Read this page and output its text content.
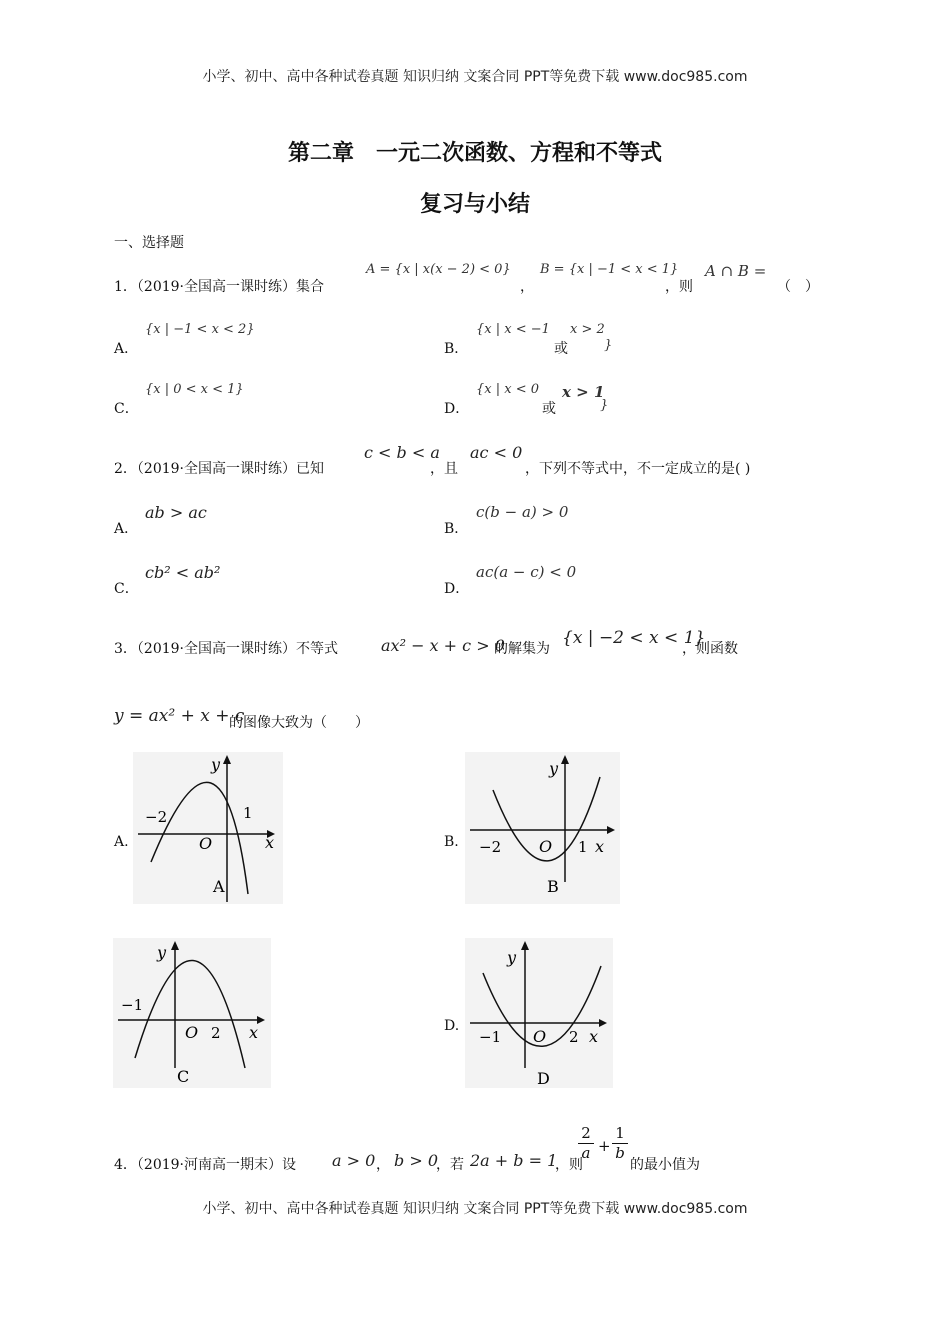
小学、初中、高中各种试卷真题 知识归纳 文案合同 PPT等免费下载 www.doc985.com
第二章　一元二次函数、方程和不等式
复习与小结
一、选择题
1．（2019·全国高一课时练）集合
A = {x | x(x − 2) < 0}
，
B = {x | −1 < x < 1}
，则
A ∩ B =
（　）
A．
{x | −1 < x < 2}
B．
{x | x < −1
或
x > 2
}
C．
{x | 0 < x < 1}
D．
{x | x < 0
或
x > 1
}
2．（2019·全国高一课时练）已知
c < b < a
，且
ac < 0
，下列不等式中，不一定成立的是( )
A．
ab > ac
B．
c(b − a) > 0
C．
cb² < ab²
D．
ac(a − c) < 0
3．（2019·全国高一课时练）不等式	ax² − x + c > 0
的解集为
{x | −2 < x < 1}
，则函数
y = ax² + x + c
的图像大致为（　　）
A.	B.
D.
y
x
O
−2	1
A
y
x
O
−2	1
B
y
x
O
−1
2
C
y
x
O
−1	2
D
4．（2019·河南高一期末）设 a > 0 ， b > 0
，若 2a + b = 1
，则
$\frac{2}{a} + \frac{1}{b}$
的最小值为
小学、初中、高中各种试卷真题 知识归纳 文案合同 PPT等免费下载 www.doc985.com
